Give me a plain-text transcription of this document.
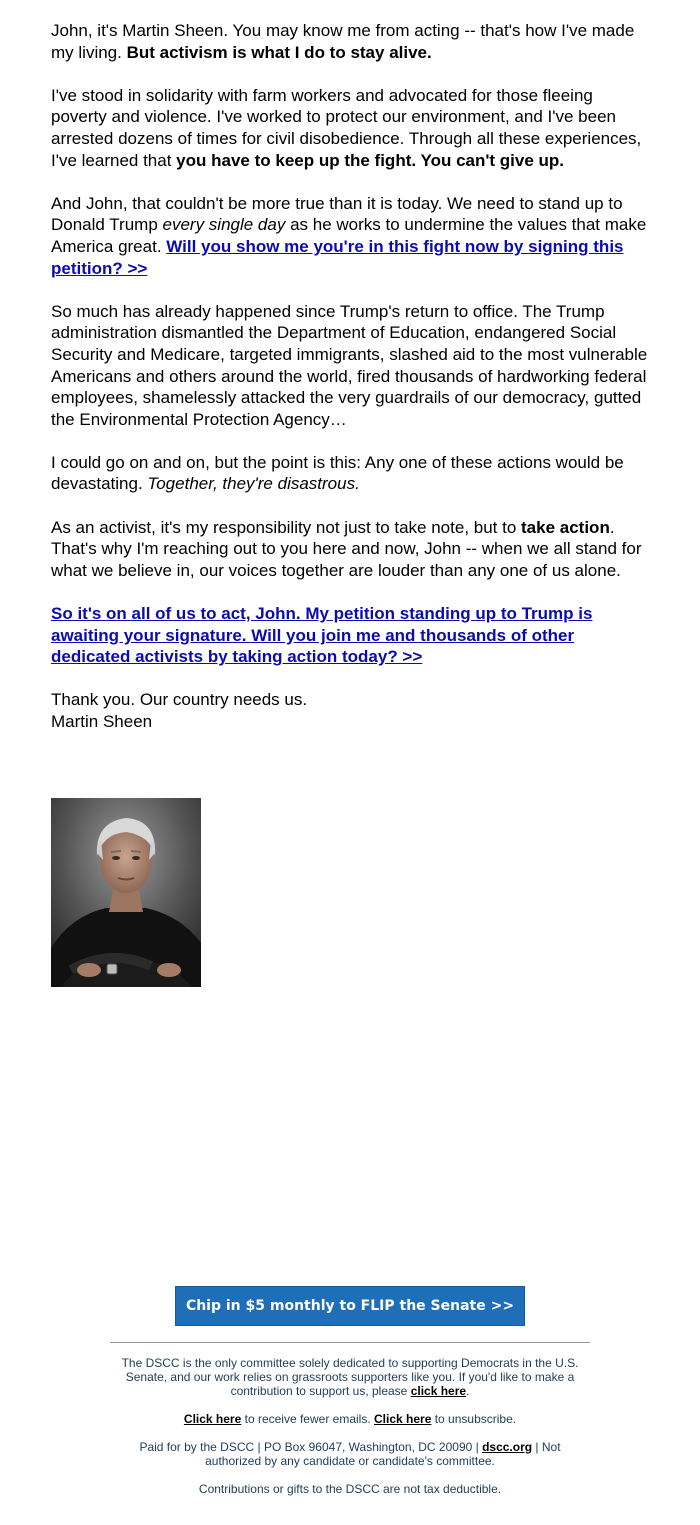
John, it's Martin Sheen. You may know me from acting -- that's how I've made my living. But activism is what I do to stay alive.

I've stood in solidarity with farm workers and advocated for those fleeing poverty and violence. I've worked to protect our environment, and I've been arrested dozens of times for civil disobedience. Through all these experiences, I've learned that you have to keep up the fight. You can't give up.

And John, that couldn't be more true than it is today. We need to stand up to Donald Trump every single day as he works to undermine the values that make America great. Will you show me you're in this fight now by signing this petition? >>

So much has already happened since Trump's return to office. The Trump administration dismantled the Department of Education, endangered Social Security and Medicare, targeted immigrants, slashed aid to the most vulnerable Americans and others around the world, fired thousands of hardworking federal employees, shamelessly attacked the very guardrails of our democracy, gutted the Environmental Protection Agency…

I could go on and on, but the point is this: Any one of these actions would be devastating. Together, they're disastrous.

As an activist, it's my responsibility not just to take note, but to take action. That's why I'm reaching out to you here and now, John -- when we all stand for what we believe in, our voices together are louder than any one of us alone.

So it's on all of us to act, John. My petition standing up to Trump is awaiting your signature. Will you join me and thousands of other dedicated activists by taking action today? >>

Thank you. Our country needs us.
Martin Sheen

Chip in $5 monthly to FLIP the Senate >>

The DSCC is the only committee solely dedicated to supporting Democrats in the U.S. Senate, and our work relies on grassroots supporters like you. If you'd like to make a contribution to support us, please click here.

Click here to receive fewer emails. Click here to unsubscribe.

Paid for by the DSCC | PO Box 96047, Washington, DC 20090 | dscc.org | Not authorized by any candidate or candidate's committee.

Contributions or gifts to the DSCC are not tax deductible.
